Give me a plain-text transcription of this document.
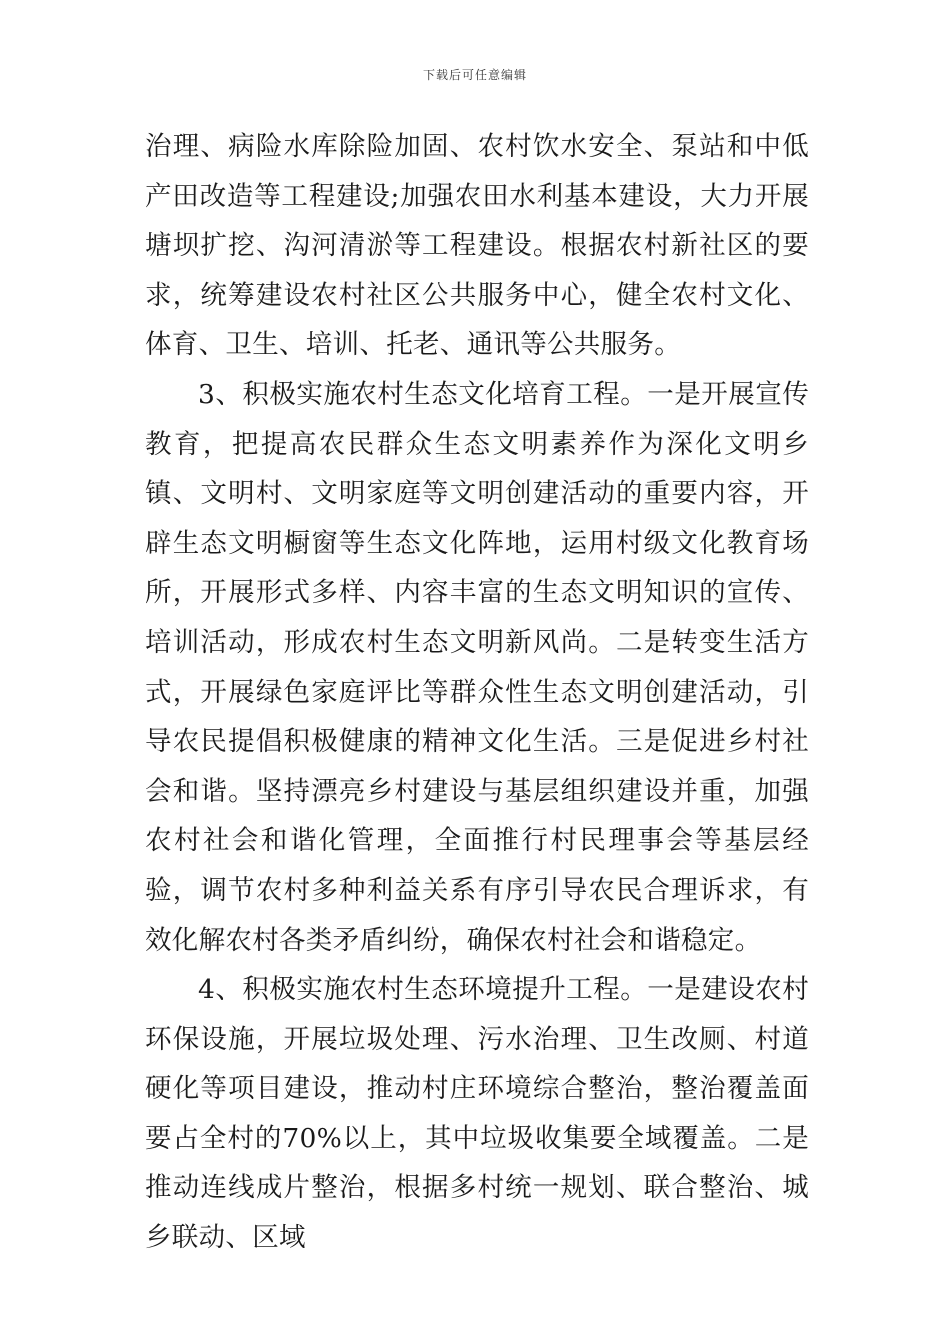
下载后可任意编辑

治理、病险水库除险加固、农村饮水安全、泵站和中低产田改造等工程建设;加强农田水利基本建设，大力开展塘坝扩挖、沟河清淤等工程建设。根据农村新社区的要求，统筹建设农村社区公共服务中心，健全农村文化、体育、卫生、培训、托老、通讯等公共服务。

3、积极实施农村生态文化培育工程。一是开展宣传教育，把提高农民群众生态文明素养作为深化文明乡镇、文明村、文明家庭等文明创建活动的重要内容，开辟生态文明橱窗等生态文化阵地，运用村级文化教育场所，开展形式多样、内容丰富的生态文明知识的宣传、培训活动，形成农村生态文明新风尚。二是转变生活方式，开展绿色家庭评比等群众性生态文明创建活动，引导农民提倡积极健康的精神文化生活。三是促进乡村社会和谐。坚持漂亮乡村建设与基层组织建设并重，加强农村社会和谐化管理，全面推行村民理事会等基层经验，调节农村多种利益关系有序引导农民合理诉求，有效化解农村各类矛盾纠纷，确保农村社会和谐稳定。

4、积极实施农村生态环境提升工程。一是建设农村环保设施，开展垃圾处理、污水治理、卫生改厕、村道硬化等项目建设，推动村庄环境综合整治，整治覆盖面要占全村的70%以上，其中垃圾收集要全域覆盖。二是推动连线成片整治，根据多村统一规划、联合整治、城乡联动、区域
